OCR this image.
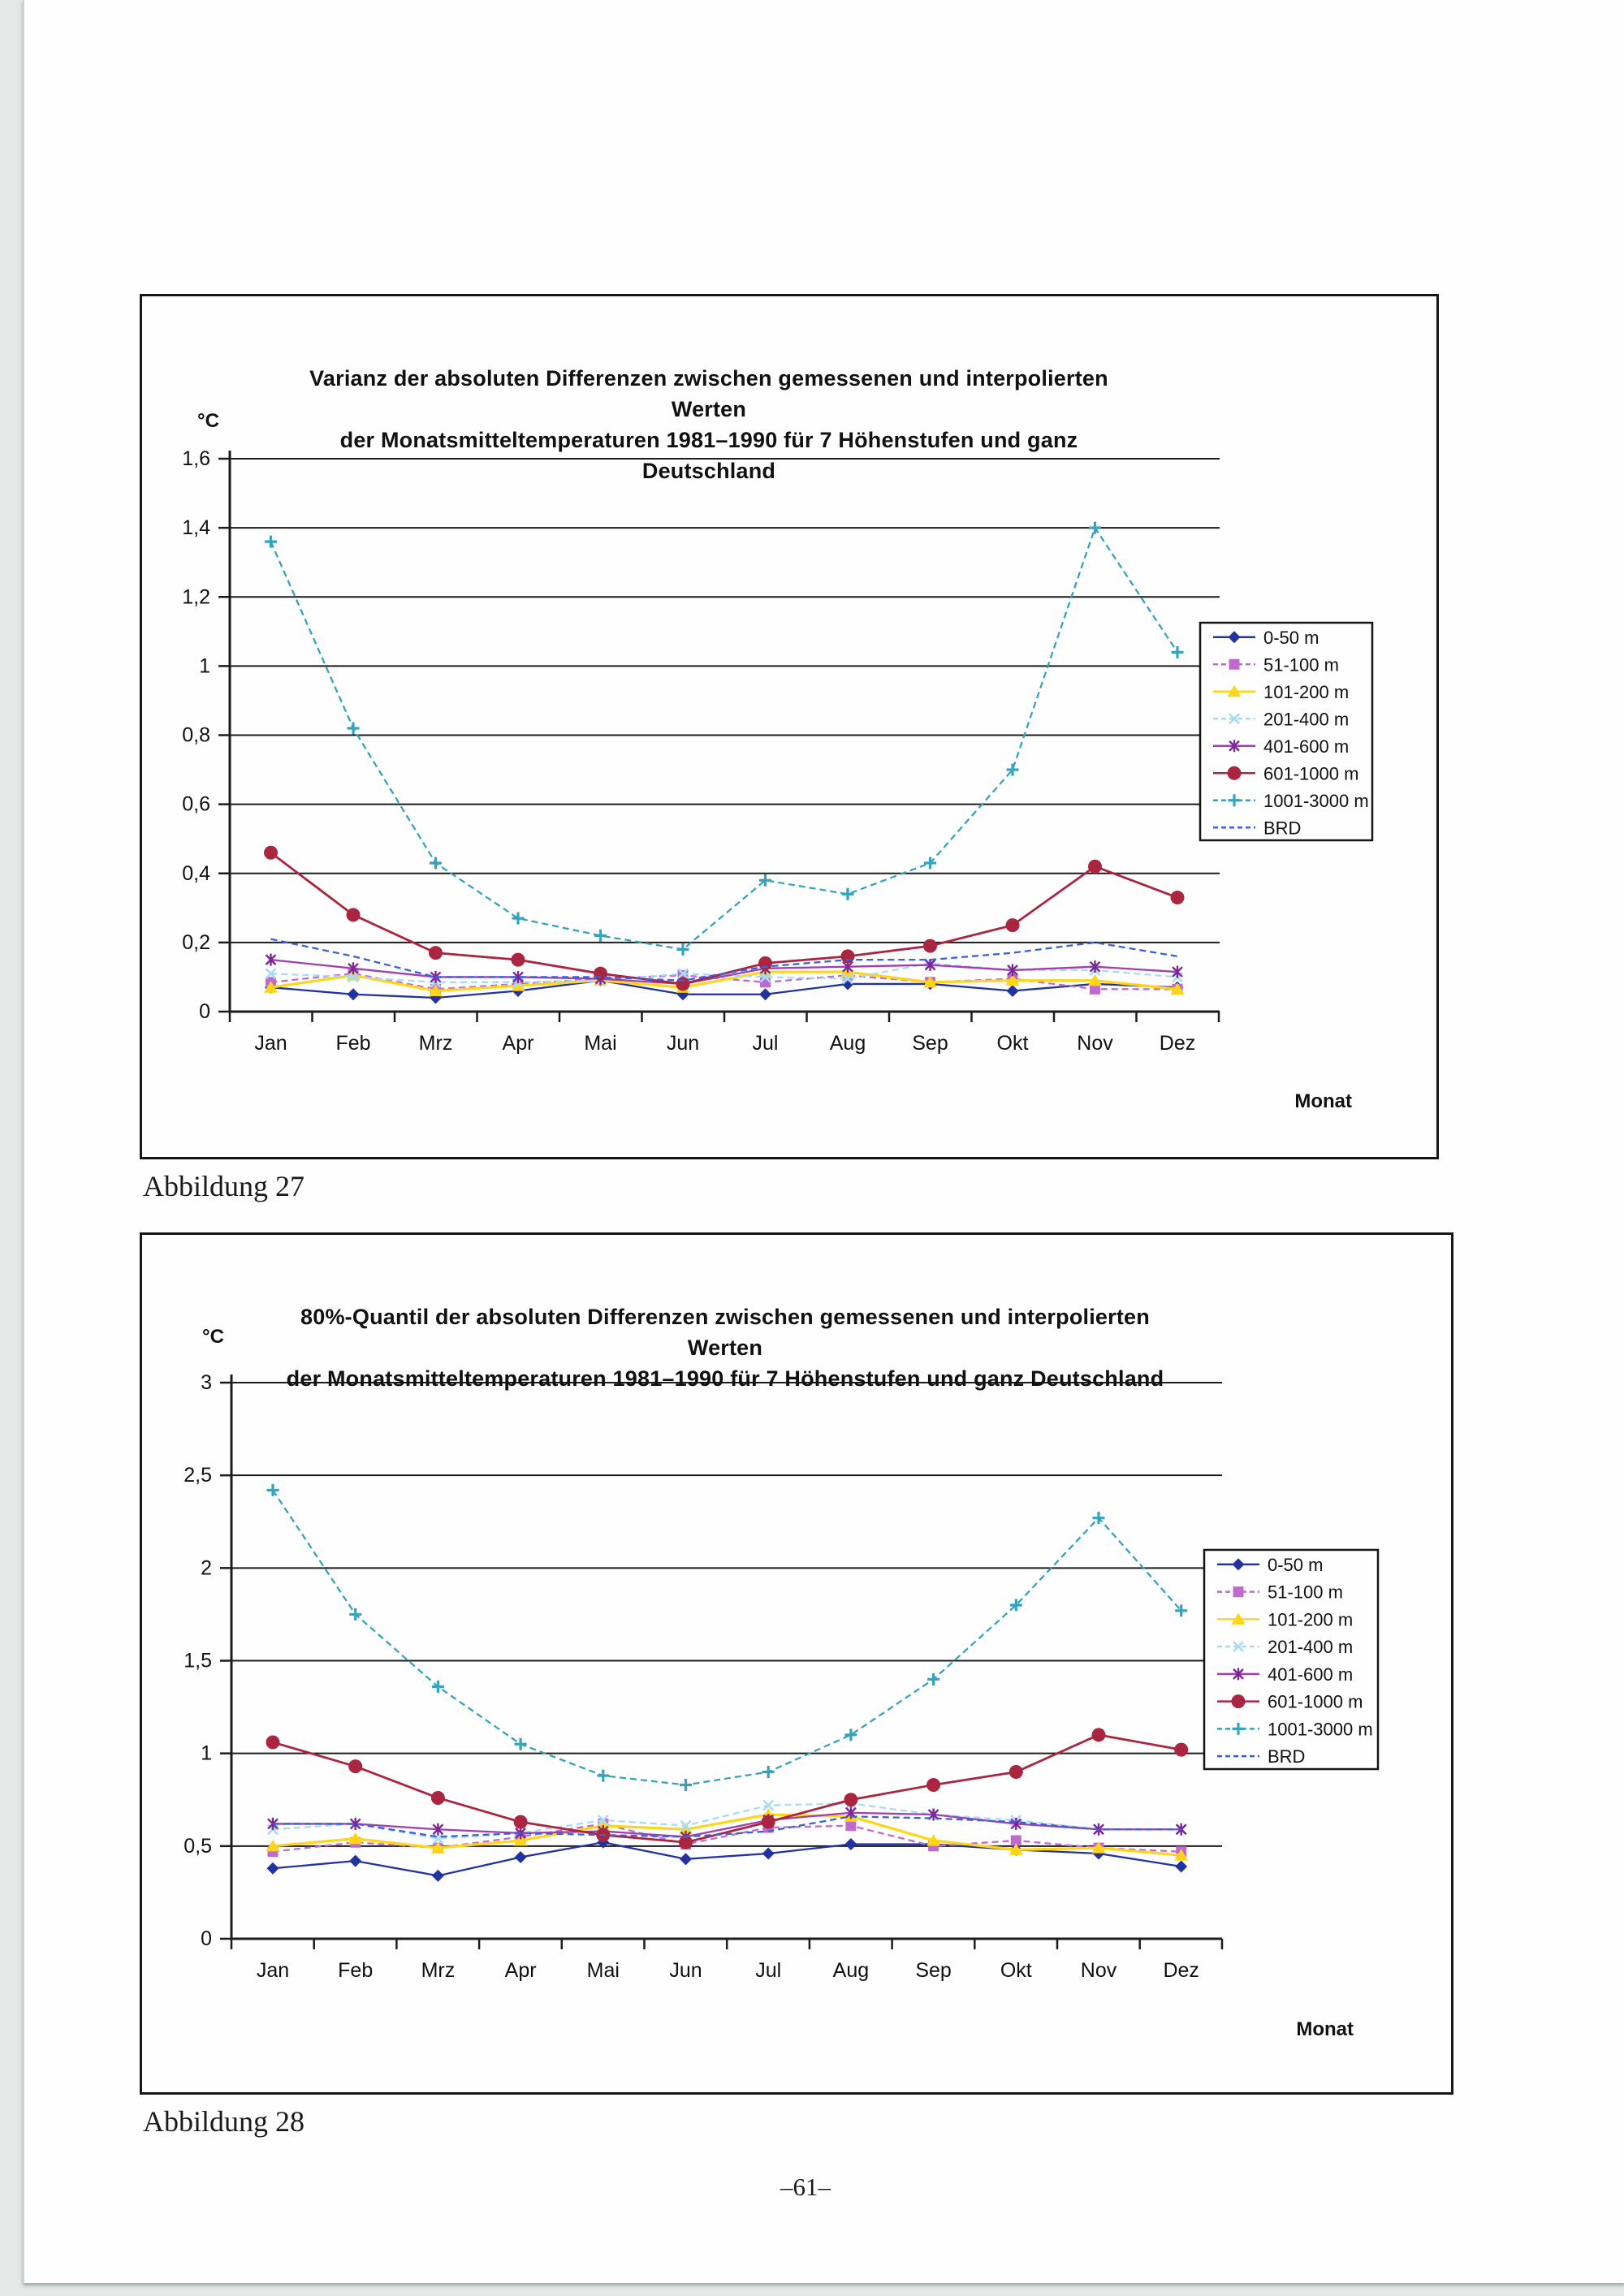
0
0,2
0,4
0,6
0,8
1
1,2
1,4
1,6
Jan Feb Mrz Apr Mai Jun	Jul	Aug Sep Okt Nov Dez
0-50 m
51-100 m
101-200 m
201-400 m
401-600 m
601-1000 m
1001-3000 m
BRD
Varianz der absoluten Differenzen zwischen gemessenen und interpolierten Werten
der Monatsmitteltemperaturen 1981–1990 für 7 Höhenstufen und ganz Deutschland
°C
Monat
Abbildung 27
0
0,5
1
1,5
2
2,5
3
Jan Feb Mrz Apr Mai Jun	Jul	Aug Sep Okt Nov Dez
0-50 m
51-100 m
101-200 m
201-400 m
401-600 m
601-1000 m
1001-3000 m
BRD
80%-Quantil der absoluten Differenzen zwischen gemessenen und interpolierten Werten
der Monatsmitteltemperaturen 1981–1990 für 7 Höhenstufen und ganz Deutschland
°C
Monat
Abbildung 28
–61–
